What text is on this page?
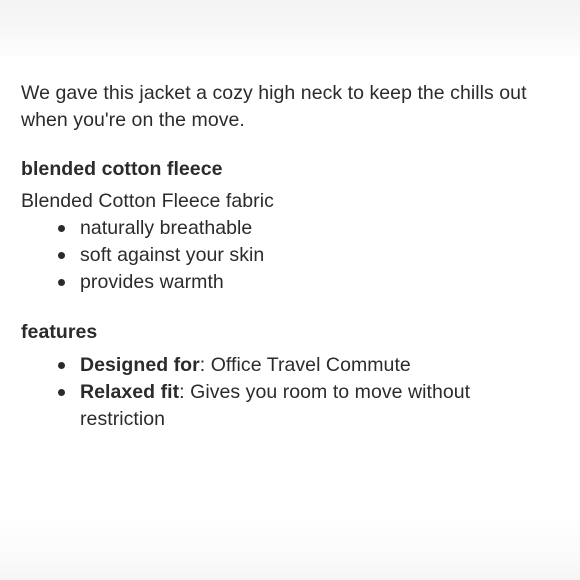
We gave this jacket a cozy high neck to keep the chills out when you're on the move.

blended cotton fleece

Blended Cotton Fleece fabric

naturally breathable
soft against your skin
provides warmth
features
Designed for: Office Travel Commute
Relaxed fit: Gives you room to move without restriction
